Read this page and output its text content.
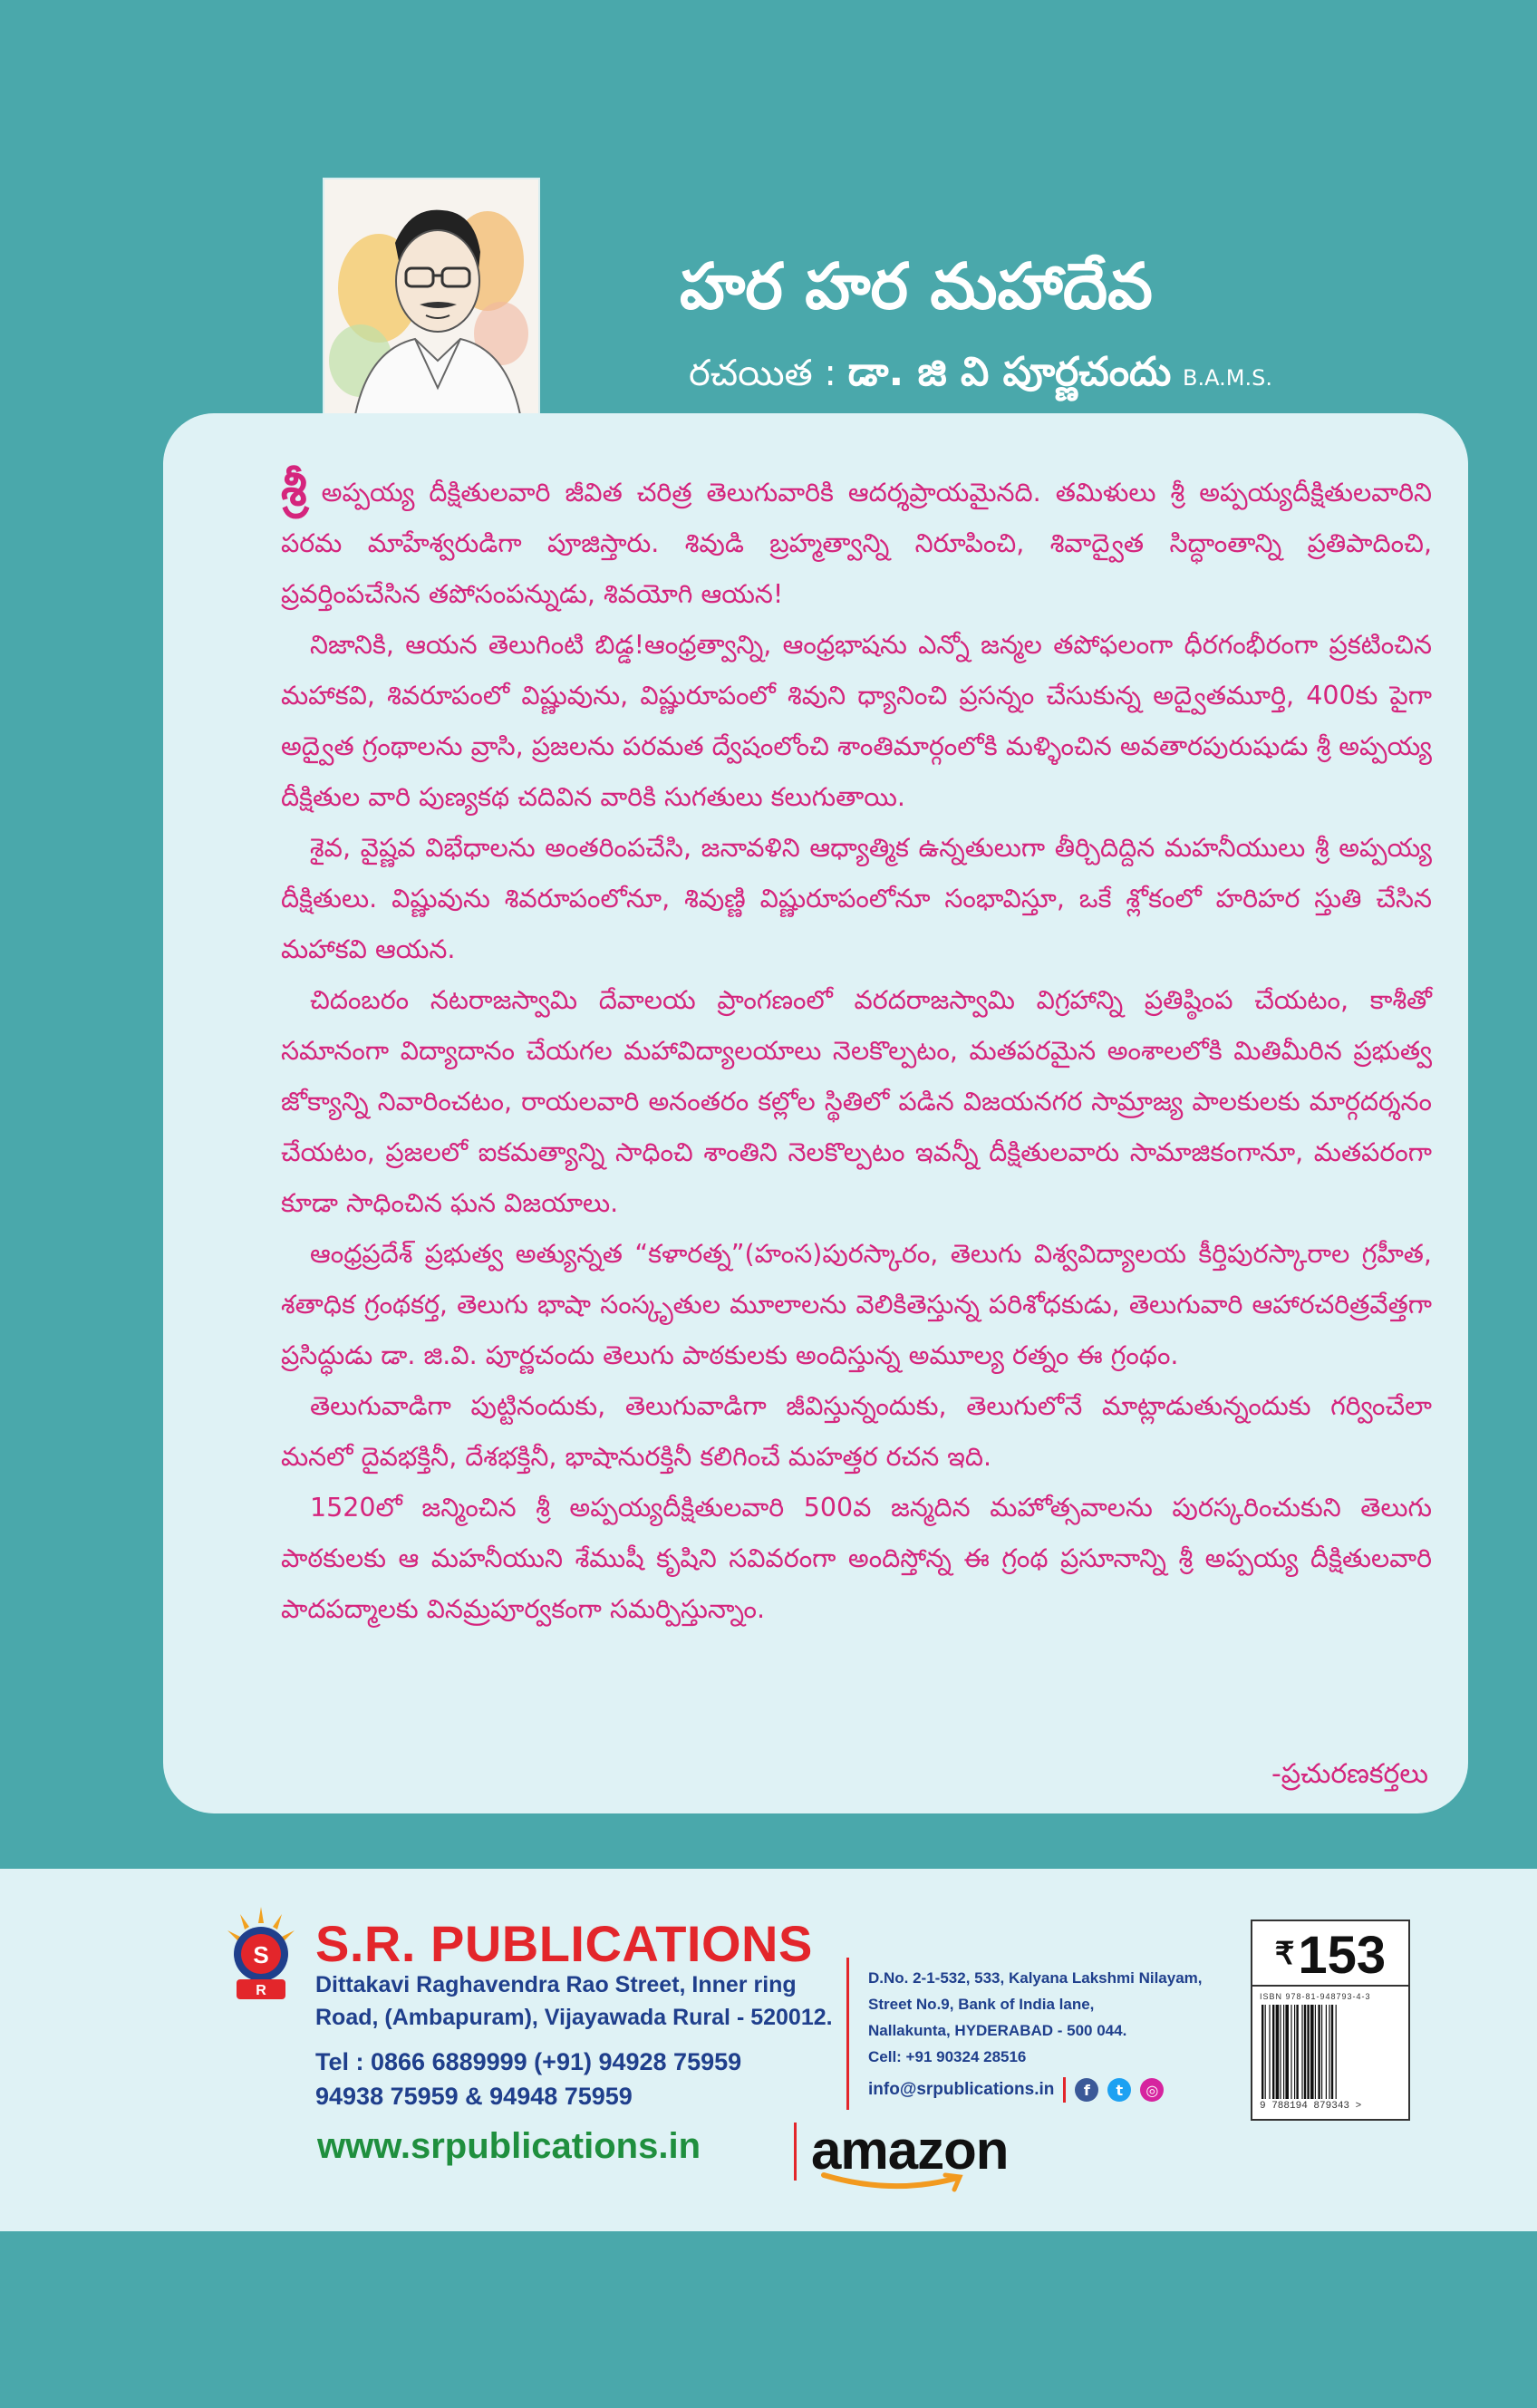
హర హర మహాదేవ
రచయిత : డా. జి వి పూర్ణచందు B.A.M.S.

శ్రీ అప్పయ్య దీక్షితులవారి జీవిత చరిత్ర తెలుగువారికి ఆదర్శప్రాయమైనది. తమిళులు శ్రీ అప్పయ్యదీక్షితులవారిని పరమ మాహేశ్వరుడిగా పూజిస్తారు. శివుడి బ్రహ్మత్వాన్ని నిరూపించి, శివాద్వైత సిద్ధాంతాన్ని ప్రతిపాదించి, ప్రవర్తింపచేసిన తపోసంపన్నుడు, శివయోగి ఆయన!

నిజానికి, ఆయన తెలుగింటి బిడ్డ!ఆంధ్రత్వాన్ని, ఆంధ్రభాషను ఎన్నో జన్మల తపోఫలంగా ధీరగంభీరంగా ప్రకటించిన మహాకవి, శివరూపంలో విష్ణువును, విష్ణురూపంలో శివుని ధ్యానించి ప్రసన్నం చేసుకున్న అద్వైతమూర్తి, 400కు పైగా అద్వైత గ్రంథాలను వ్రాసి, ప్రజలను పరమత ద్వేషంలోంచి శాంతిమార్గంలోకి మళ్ళించిన అవతారపురుషుడు శ్రీ అప్పయ్య దీక్షితుల వారి పుణ్యకథ చదివిన వారికి సుగతులు కలుగుతాయి.

శైవ, వైష్ణవ విభేధాలను అంతరింపచేసి, జనావళిని ఆధ్యాత్మిక ఉన్నతులుగా తీర్చిదిద్దిన మహనీయులు శ్రీ అప్పయ్య దీక్షితులు. విష్ణువును శివరూపంలోనూ, శివుణ్ణి విష్ణురూపంలోనూ సంభావిస్తూ, ఒకే శ్లోకంలో హరిహర స్తుతి చేసిన మహాకవి ఆయన.

చిదంబరం నటరాజస్వామి దేవాలయ ప్రాంగణంలో వరదరాజస్వామి విగ్రహాన్ని ప్రతిష్ఠింప చేయటం, కాశీతో సమానంగా విద్యాదానం చేయగల మహావిద్యాలయాలు నెలకొల్పటం, మతపరమైన అంశాలలోకి మితిమీరిన ప్రభుత్వ జోక్యాన్ని నివారించటం, రాయలవారి అనంతరం కల్లోల స్థితిలో పడిన విజయనగర సామ్రాజ్య పాలకులకు మార్గదర్శనం చేయటం, ప్రజలలో ఐకమత్యాన్ని సాధించి శాంతిని నెలకొల్పటం ఇవన్నీ దీక్షితులవారు సామాజికంగానూ, మతపరంగా కూడా సాధించిన ఘన విజయాలు.

ఆంధ్రప్రదేశ్ ప్రభుత్వ అత్యున్నత “కళారత్న”(హంస)పురస్కారం, తెలుగు విశ్వవిద్యాలయ కీర్తిపురస్కారాల గ్రహీత, శతాధిక గ్రంథకర్త, తెలుగు భాషా సంస్కృతుల మూలాలను వెలికితెస్తున్న పరిశోధకుడు, తెలుగువారి ఆహారచరిత్రవేత్తగా ప్రసిద్ధుడు డా. జి.వి. పూర్ణచందు తెలుగు పాఠకులకు అందిస్తున్న అమూల్య రత్నం ఈ గ్రంథం.

తెలుగువాడిగా పుట్టినందుకు, తెలుగువాడిగా జీవిస్తున్నందుకు, తెలుగులోనే మాట్లాడుతున్నందుకు గర్వించేలా మనలో దైవభక్తినీ, దేశభక్తినీ, భాషానురక్తినీ కలిగించే మహత్తర రచన ఇది.

1520లో జన్మించిన శ్రీ అప్పయ్యదీక్షితులవారి 500వ జన్మదిన మహోత్సవాలను పురస్కరించుకుని తెలుగు పాఠకులకు ఆ మహనీయుని శేముషీ కృషిని సవివరంగా అందిస్తోన్న ఈ గ్రంథ ప్రసూనాన్ని శ్రీ అప్పయ్య దీక్షితులవారి పాదపద్మాలకు వినమ్రపూర్వకంగా సమర్పిస్తున్నాం.

-ప్రచురణకర్తలు
S
R
S.R. PUBLICATIONS
Dittakavi Raghavendra Rao Street, Inner ring Road, (Ambapuram), Vijayawada Rural - 520012.
Tel : 0866 6889999 (+91) 94928 75959
94938 75959 & 94948 75959
D.No. 2-1-532, 533, Kalyana Lakshmi Nilayam,
Street No.9, Bank of India lane,
Nallakunta, HYDERABAD - 500 044.
Cell: +91 90324 28516
info@srpublications.in	f	t	◎
www.srpublications.in amazon
₹153
ISBN 978-81-948793-4-3
9 788194 879343 >
